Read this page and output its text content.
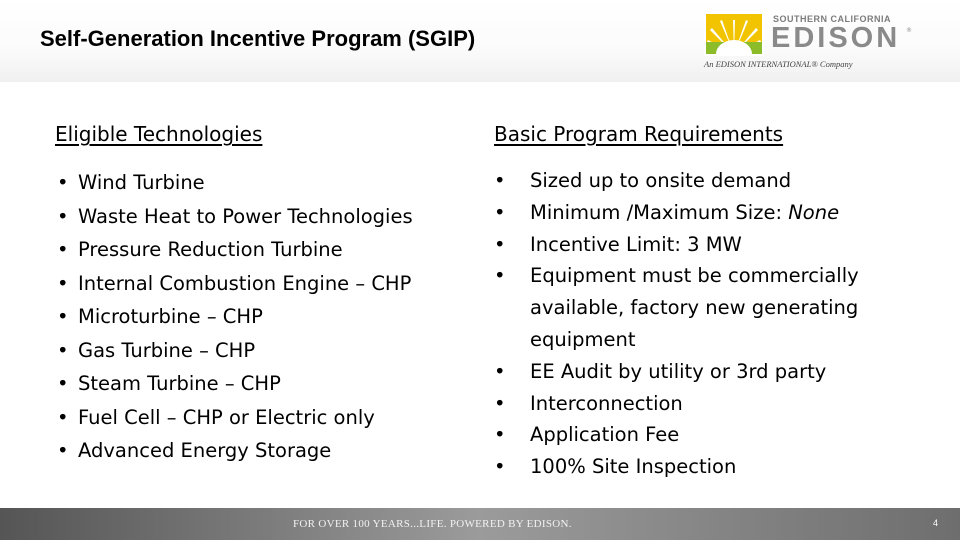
Self-Generation Incentive Program (SGIP)
SOUTHERN CALIFORNIA
EDISON ®
An EDISON INTERNATIONAL® Company
Eligible Technologies	Basic Program Requirements
• Wind Turbine
• Waste Heat to Power Technologies
• Pressure Reduction Turbine
• Internal Combustion Engine – CHP
• Microturbine – CHP
• Gas Turbine – CHP
• Steam Turbine – CHP
• Fuel Cell – CHP or Electric only
• Advanced Energy Storage
• Sized up to onsite demand
• Minimum /Maximum Size: None
• Incentive Limit: 3 MW
• Equipment must be commercially available, factory new generating equipment
• EE Audit by utility or 3rd party
• Interconnection
• Application Fee
• 100% Site Inspection
FOR OVER 100 YEARS...LIFE. POWERED BY EDISON.	4
